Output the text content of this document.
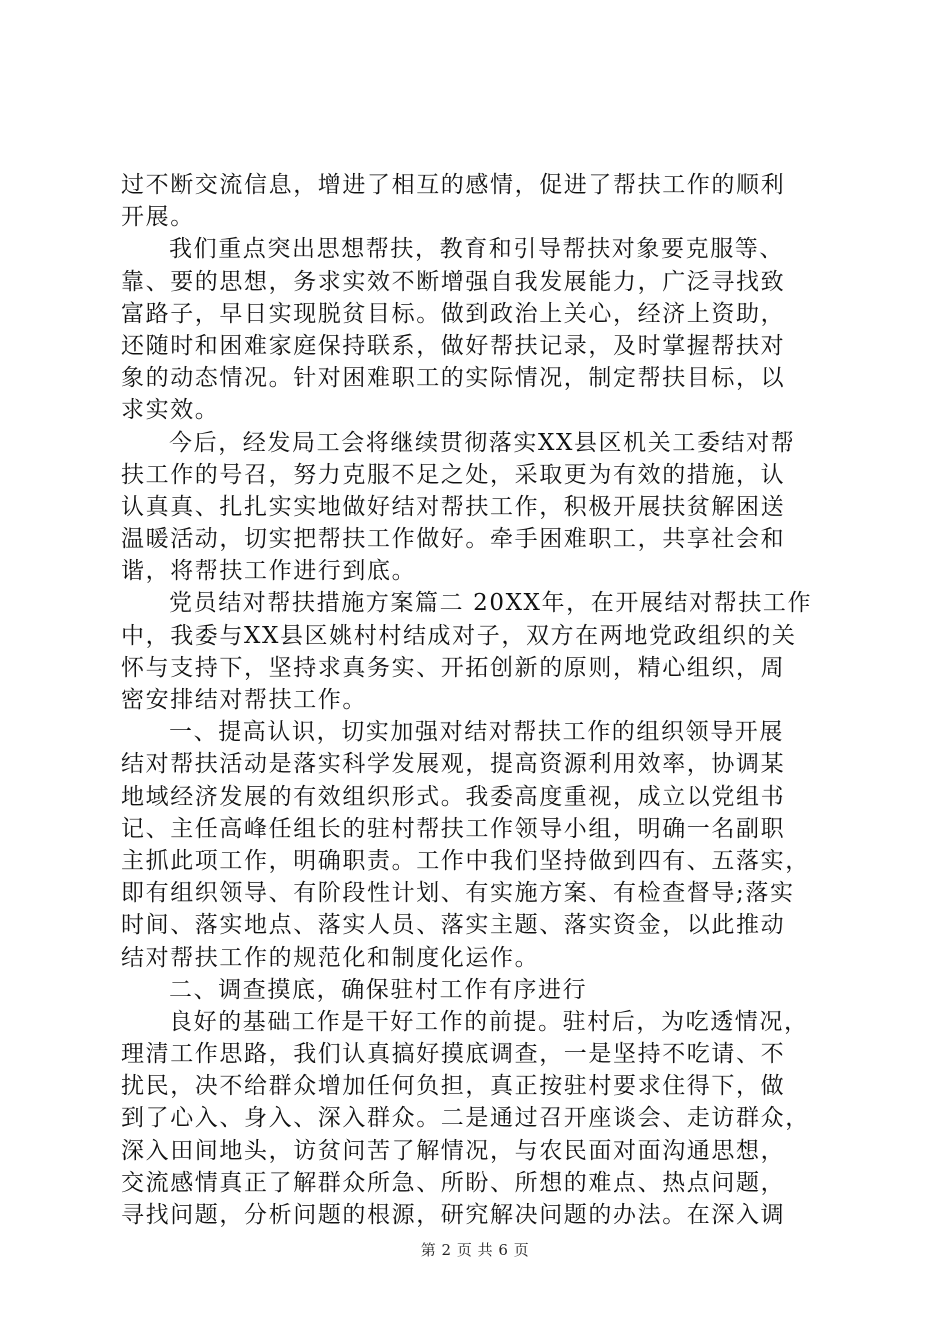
过不断交流信息，增进了相互的感情，促进了帮扶工作的顺利
开展。
我们重点突出思想帮扶，教育和引导帮扶对象要克服等、
靠、要的思想，务求实效不断增强自我发展能力，广泛寻找致
富路子，早日实现脱贫目标。做到政治上关心，经济上资助，
还随时和困难家庭保持联系，做好帮扶记录，及时掌握帮扶对
象的动态情况。针对困难职工的实际情况，制定帮扶目标，以
求实效。
今后，经发局工会将继续贯彻落实XX县区机关工委结对帮
扶工作的号召，努力克服不足之处，采取更为有效的措施，认
认真真、扎扎实实地做好结对帮扶工作，积极开展扶贫解困送
温暖活动，切实把帮扶工作做好。牵手困难职工，共享社会和
谐，将帮扶工作进行到底。
党员结对帮扶措施方案篇二 20XX年，在开展结对帮扶工作
中，我委与XX县区姚村村结成对子，双方在两地党政组织的关
怀与支持下，坚持求真务实、开拓创新的原则，精心组织，周
密安排结对帮扶工作。
一、提高认识，切实加强对结对帮扶工作的组织领导开展
结对帮扶活动是落实科学发展观，提高资源利用效率，协调某
地域经济发展的有效组织形式。我委高度重视，成立以党组书
记、主任高峰任组长的驻村帮扶工作领导小组，明确一名副职
主抓此项工作，明确职责。工作中我们坚持做到四有、五落实，
即有组织领导、有阶段性计划、有实施方案、有检查督导;落实
时间、落实地点、落实人员、落实主题、落实资金，以此推动
结对帮扶工作的规范化和制度化运作。
二、调查摸底，确保驻村工作有序进行
良好的基础工作是干好工作的前提。驻村后，为吃透情况，
理清工作思路，我们认真搞好摸底调查，一是坚持不吃请、不
扰民，决不给群众增加任何负担，真正按驻村要求住得下，做
到了心入、身入、深入群众。二是通过召开座谈会、走访群众，
深入田间地头，访贫问苦了解情况，与农民面对面沟通思想，
交流感情真正了解群众所急、所盼、所想的难点、热点问题，
寻找问题，分析问题的根源，研究解决问题的办法。在深入调
第 2 页 共 6 页
